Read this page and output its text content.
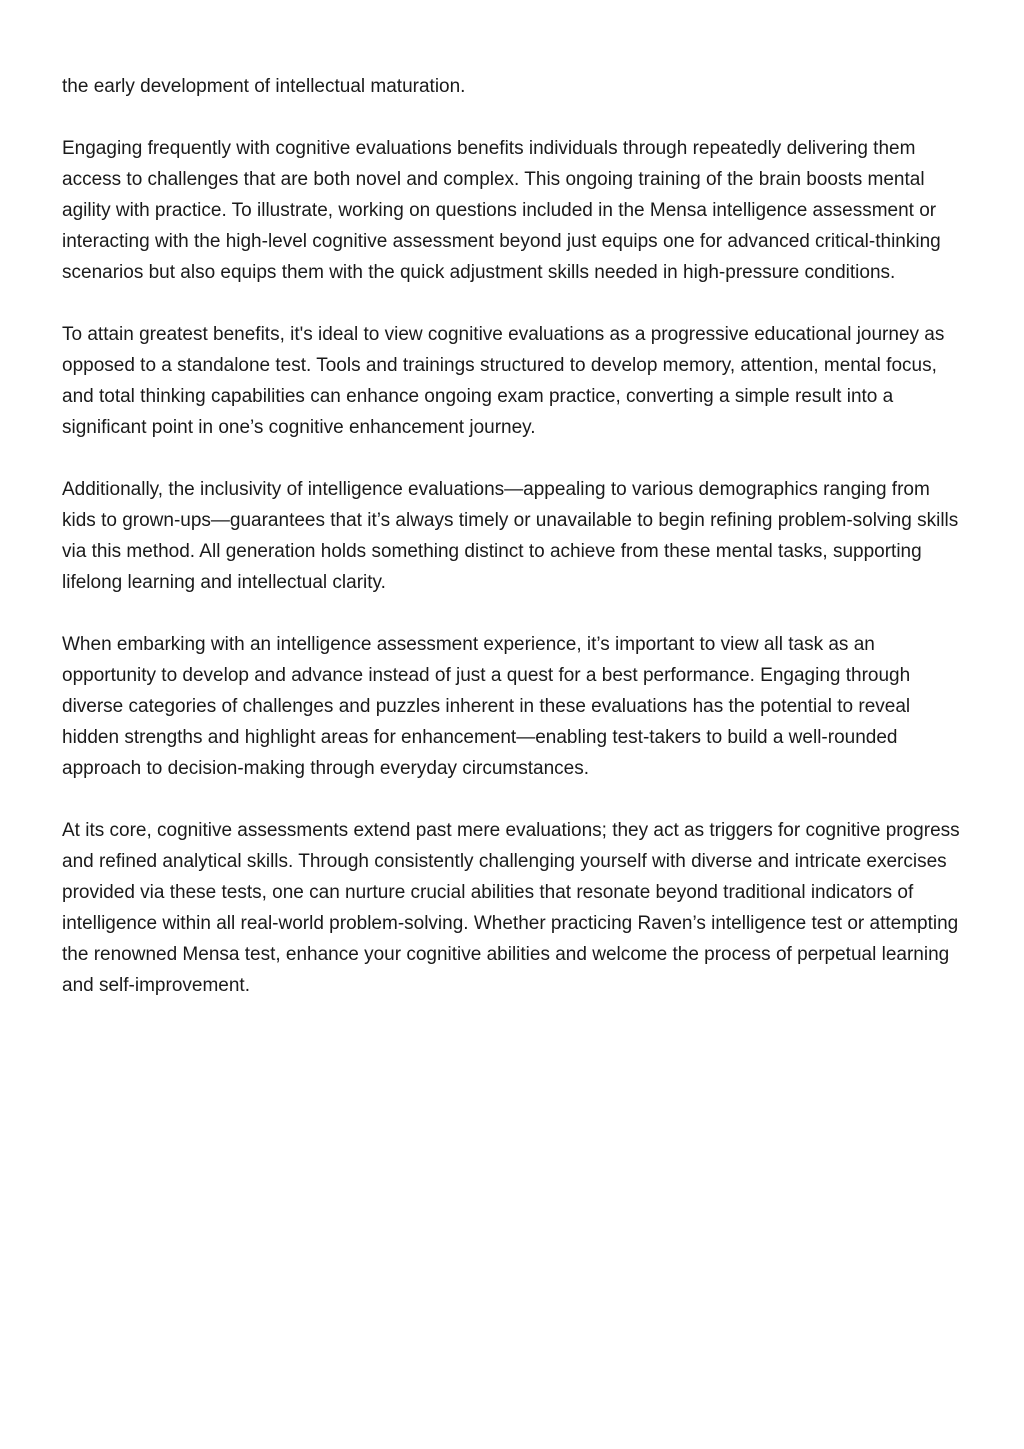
the early development of intellectual maturation.

Engaging frequently with cognitive evaluations benefits individuals through repeatedly delivering them access to challenges that are both novel and complex. This ongoing training of the brain boosts mental agility with practice. To illustrate, working on questions included in the Mensa intelligence assessment or interacting with the high-level cognitive assessment beyond just equips one for advanced critical-thinking scenarios but also equips them with the quick adjustment skills needed in high-pressure conditions.

To attain greatest benefits, it's ideal to view cognitive evaluations as a progressive educational journey as opposed to a standalone test. Tools and trainings structured to develop memory, attention, mental focus, and total thinking capabilities can enhance ongoing exam practice, converting a simple result into a significant point in one’s cognitive enhancement journey.

Additionally, the inclusivity of intelligence evaluations—appealing to various demographics ranging from kids to grown-ups—guarantees that it’s always timely or unavailable to begin refining problem-solving skills via this method. All generation holds something distinct to achieve from these mental tasks, supporting lifelong learning and intellectual clarity.

When embarking with an intelligence assessment experience, it’s important to view all task as an opportunity to develop and advance instead of just a quest for a best performance. Engaging through diverse categories of challenges and puzzles inherent in these evaluations has the potential to reveal hidden strengths and highlight areas for enhancement—enabling test-takers to build a well-rounded approach to decision-making through everyday circumstances.

At its core, cognitive assessments extend past mere evaluations; they act as triggers for cognitive progress and refined analytical skills. Through consistently challenging yourself with diverse and intricate exercises provided via these tests, one can nurture crucial abilities that resonate beyond traditional indicators of intelligence within all real-world problem-solving. Whether practicing Raven’s intelligence test or attempting the renowned Mensa test, enhance your cognitive abilities and welcome the process of perpetual learning and self-improvement.
